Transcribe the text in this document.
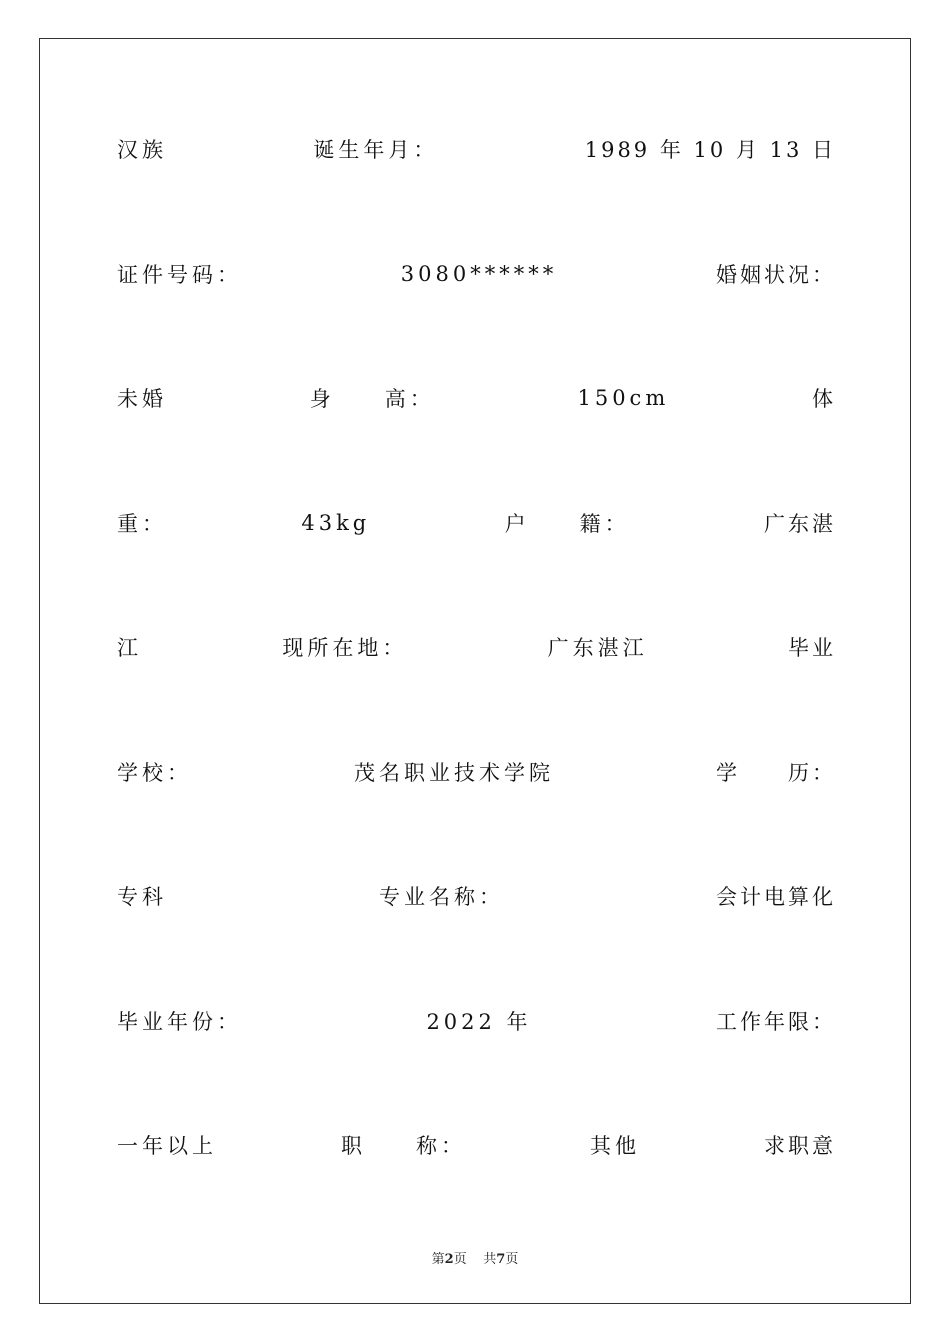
汉族	诞生年月：	1989 年 10 月 13 日
证件号码：	3080******	婚姻状况：
未婚	身　　高：	150cm	体
重：	43kg	户　　籍：	广东湛
江	现所在地：	广东湛江	毕业
学校：	茂名职业技术学院	学　　历：
专科	专业名称：	会计电算化
毕业年份：	2022 年	工作年限：
一年以上	职　　称：	其他	求职意
第2页 共7页
